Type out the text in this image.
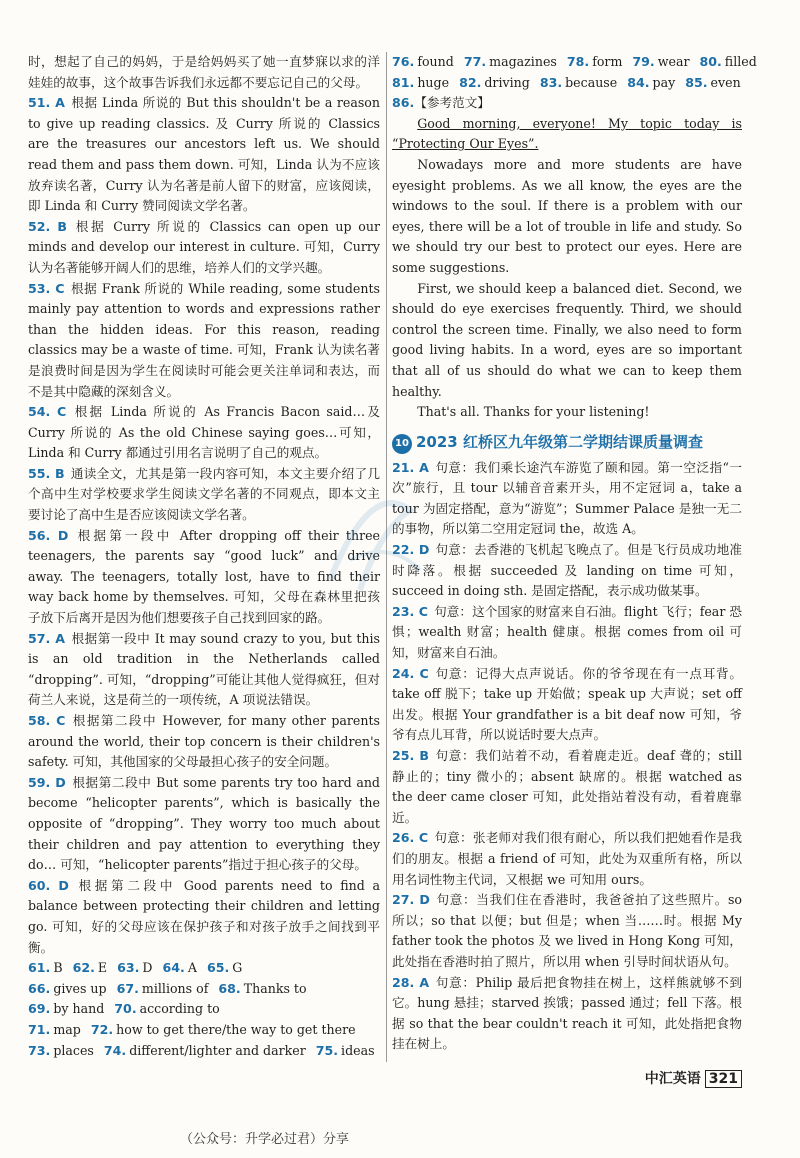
时，想起了自己的妈妈，于是给妈妈买了她一直梦寐以求的洋娃娃的故事，这个故事告诉我们永远都不要忘记自己的父母。

51. A 根据 Linda 所说的 But this shouldn't be a reason to give up reading classics. 及 Curry 所说的 Classics are the treasures our ancestors left us. We should read them and pass them down. 可知，Linda 认为不应该放弃读名著，Curry 认为名著是前人留下的财富，应该阅读，即 Linda 和 Curry 赞同阅读文学名著。

52. B 根据 Curry 所说的 Classics can open up our minds and develop our interest in culture. 可知，Curry 认为名著能够开阔人们的思维，培养人们的文学兴趣。

53. C 根据 Frank 所说的 While reading, some students mainly pay attention to words and expressions rather than the hidden ideas. For this reason, reading classics may be a waste of time. 可知，Frank 认为读名著是浪费时间是因为学生在阅读时可能会更关注单词和表达，而不是其中隐藏的深刻含义。

54. C 根据 Linda 所说的 As Francis Bacon said…及 Curry 所说的 As the old Chinese saying goes…可知，Linda 和 Curry 都通过引用名言说明了自己的观点。

55. B 通读全文，尤其是第一段内容可知，本文主要介绍了几个高中生对学校要求学生阅读文学名著的不同观点，即本文主要讨论了高中生是否应该阅读文学名著。

56. D 根据第一段中 After dropping off their three teenagers, the parents say “good luck” and drive away. The teenagers, totally lost, have to find their way back home by themselves. 可知，父母在森林里把孩子放下后离开是因为他们想要孩子自己找到回家的路。

57. A 根据第一段中 It may sound crazy to you, but this is an old tradition in the Netherlands called “dropping”. 可知，“dropping”可能让其他人觉得疯狂，但对荷兰人来说，这是荷兰的一项传统，A 项说法错误。

58. C 根据第二段中 However, for many other parents around the world, their top concern is their children's safety. 可知，其他国家的父母最担心孩子的安全问题。

59. D 根据第二段中 But some parents try too hard and become “helicopter parents”, which is basically the opposite of “dropping”. They worry too much about their children and pay attention to everything they do… 可知，“helicopter parents”指过于担心孩子的父母。

60. D 根据第二段中 Good parents need to find a balance between protecting their children and letting go. 可知，好的父母应该在保护孩子和对孩子放手之间找到平衡。

61. B 62. E 63. D 64. A 65. G
66. gives up 67. millions of 68. Thanks to
69. by hand 70. according to
71. map 72. how to get there/the way to get there
73. places 74. different/lighter and darker 75. ideas
76. found 77. magazines 78. form 79. wear 80. filled
81. huge 82. driving 83. because 84. pay 85. even
86.【参考范文】

Good morning, everyone! My topic today is

“Protecting Our Eyes”.

Nowadays more and more students are have eyesight problems. As we all know, the eyes are the windows to the soul. If there is a problem with our eyes, there will be a lot of trouble in life and study. So we should try our best to protect our eyes. Here are some suggestions.

First, we should keep a balanced diet. Second, we should do eye exercises frequently. Third, we should control the screen time. Finally, we also need to form good living habits. In a word, eyes are so important that all of us should do what we can to keep them healthy.

That's all. Thanks for your listening!

10 2023 红桥区九年级第二学期结课质量调查

21. A 句意：我们乘长途汽车游览了颐和园。第一空泛指“一次”旅行，且 tour 以辅音音素开头，用不定冠词 a，take a tour 为固定搭配，意为“游览”；Summer Palace 是独一无二的事物，所以第二空用定冠词 the，故选 A。

22. D 句意：去香港的飞机起飞晚点了。但是飞行员成功地准时降落。根据 succeeded 及 landing on time 可知，succeed in doing sth. 是固定搭配，表示成功做某事。

23. C 句意：这个国家的财富来自石油。flight 飞行；fear 恐惧；wealth 财富；health 健康。根据 comes from oil 可知，财富来自石油。

24. C 句意：记得大点声说话。你的爷爷现在有一点耳背。take off 脱下；take up 开始做；speak up 大声说；set off 出发。根据 Your grandfather is a bit deaf now 可知，爷爷有点儿耳背，所以说话时要大点声。

25. B 句意：我们站着不动，看着鹿走近。deaf 聋的；still 静止的；tiny 微小的；absent 缺席的。根据 watched as the deer came closer 可知，此处指站着没有动，看着鹿靠近。

26. C 句意：张老师对我们很有耐心，所以我们把她看作是我们的朋友。根据 a friend of 可知，此处为双重所有格，所以用名词性物主代词，又根据 we 可知用 ours。

27. D 句意：当我们住在香港时，我爸爸拍了这些照片。so 所以；so that 以便；but 但是；when 当……时。根据 My father took the photos 及 we lived in Hong Kong 可知，此处指在香港时拍了照片，所以用 when 引导时间状语从句。

28. A 句意：Philip 最后把食物挂在树上，这样熊就够不到它。hung 悬挂；starved 挨饿；passed 通过；fell 下落。根据 so that the bear couldn't reach it 可知，此处指把食物挂在树上。

中汇英语 321
（公众号：升学必过君）分享
